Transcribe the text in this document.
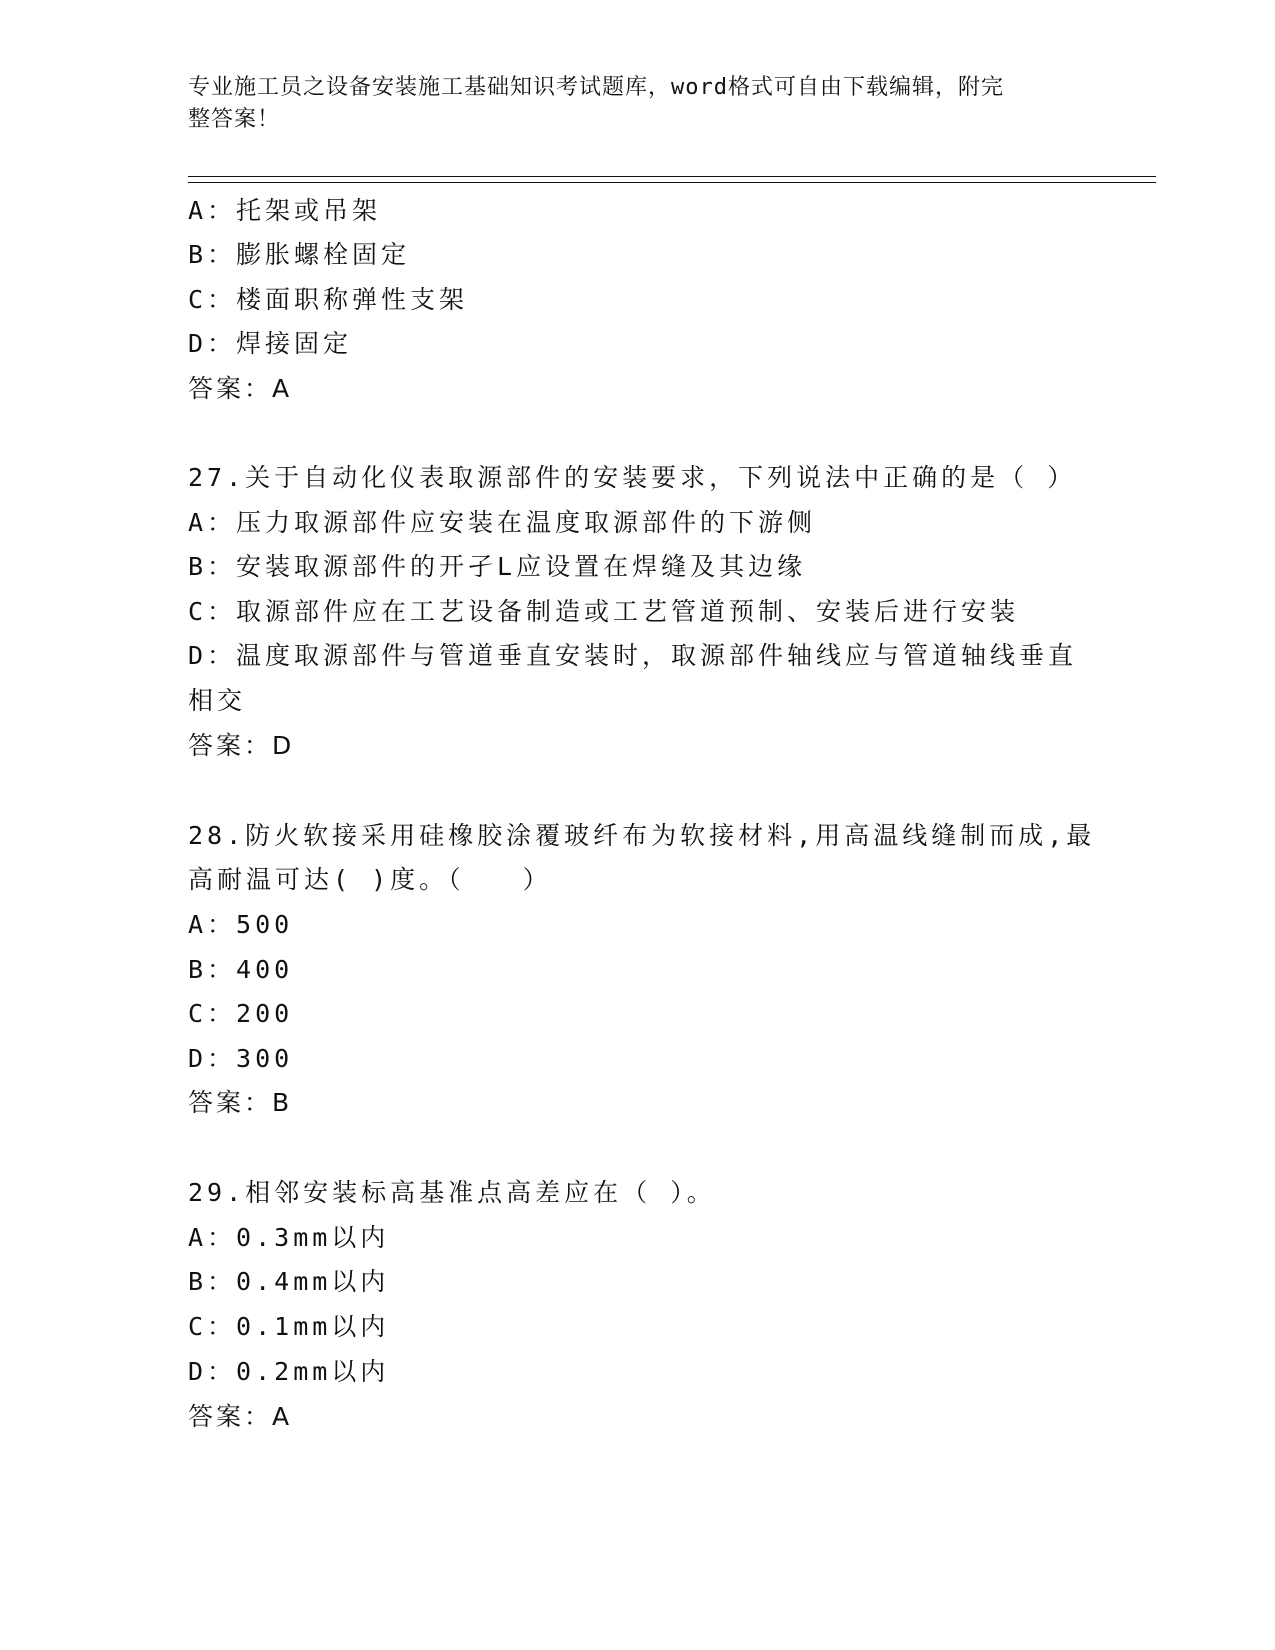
专业施工员之设备安装施工基础知识考试题库，word格式可自由下载编辑，附完
整答案！
A：托架或吊架
B：膨胀螺栓固定
C：楼面职称弹性支架
D：焊接固定
答案：A
27.关于自动化仪表取源部件的安装要求，下列说法中正确的是（ ）
A：压力取源部件应安装在温度取源部件的下游侧
B：安装取源部件的开孑L应设置在焊缝及其边缘
C：取源部件应在工艺设备制造或工艺管道预制、安装后进行安装
D：温度取源部件与管道垂直安装时，取源部件轴线应与管道轴线垂直
相交
答案：D
28.防火软接采用硅橡胶涂覆玻纤布为软接材料,用高温线缝制而成,最
高耐温可达( )度。（　　）
A：500
B：400
C：200
D：300
答案：B
29.相邻安装标高基准点高差应在（ ）。
A：0.3mm以内
B：0.4mm以内
C：0.1mm以内
D：0.2mm以内
答案：A
